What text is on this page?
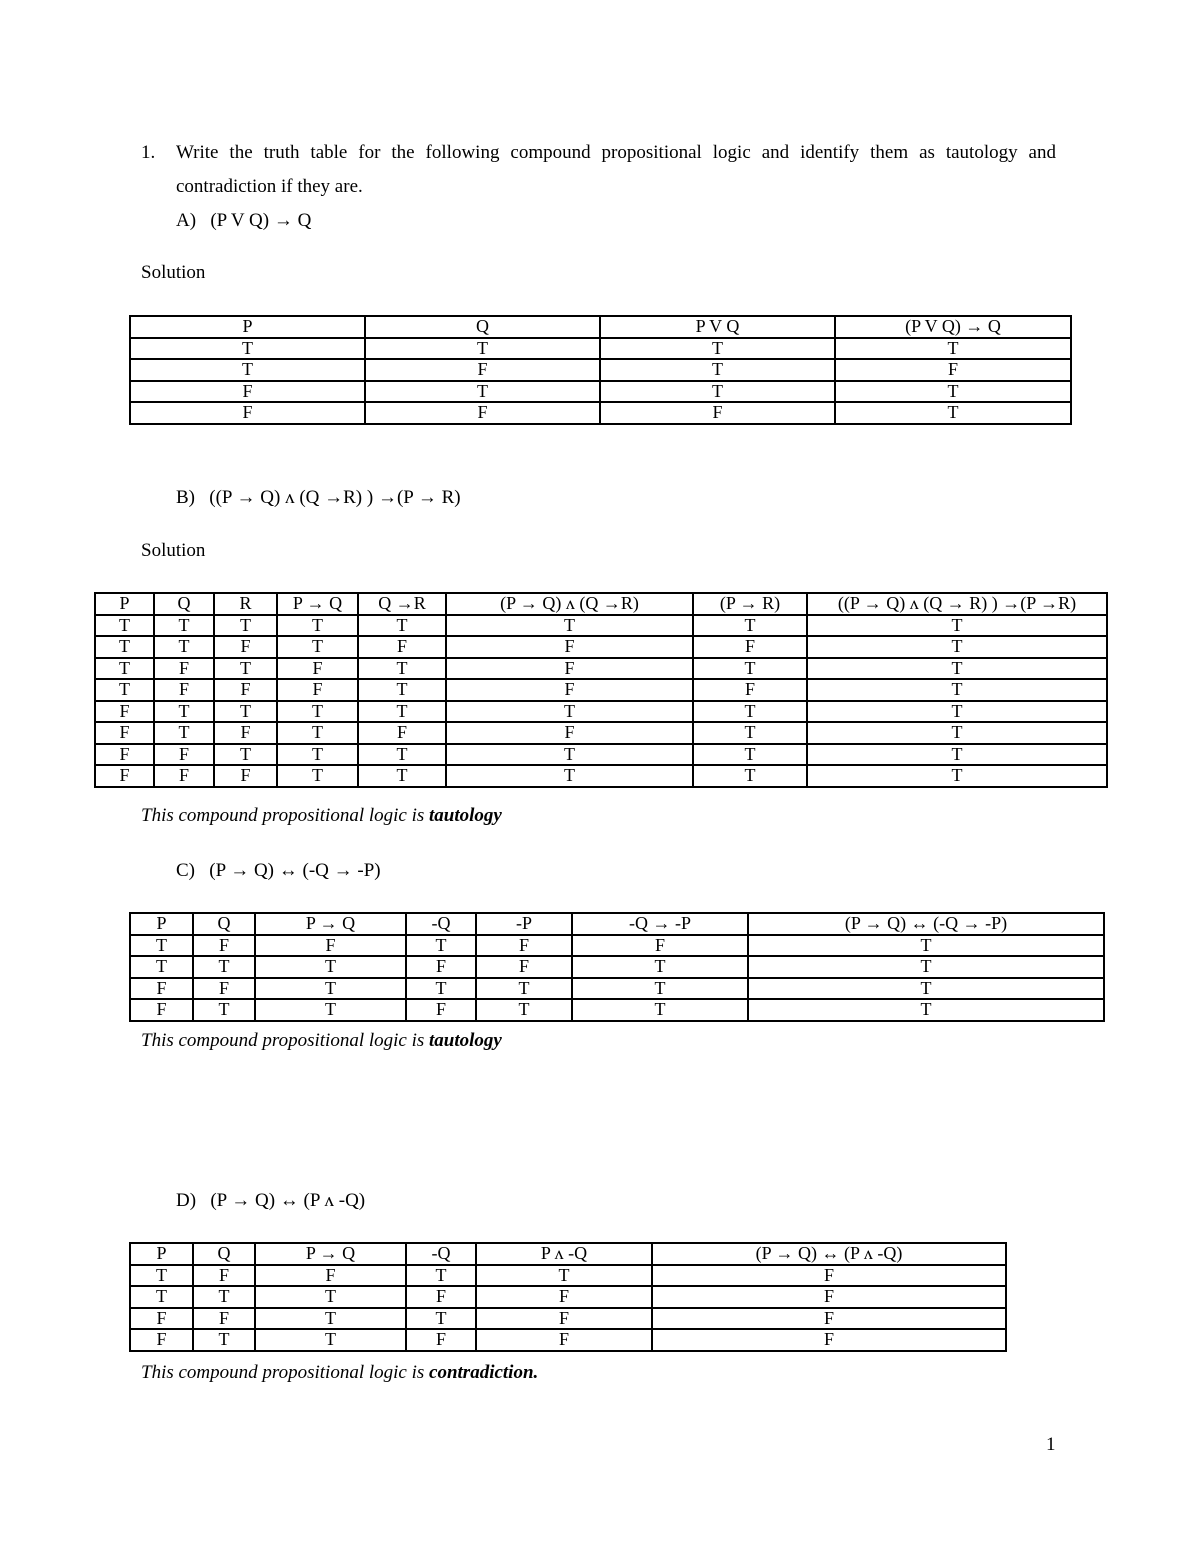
1. Write the truth table for the following compound propositional logic and identify them as tautology and
contradiction if they are.
A) (P V Q) → Q
Solution
P	Q	P V Q	(P V Q) → Q
T	T	T	T
T	F	T	F
F	T	T	T
F	F	F	T
B) ((P → Q) ʌ (Q →R) ) →(P → R)
Solution
P	Q	R	P → Q	Q →R	(P → Q) ʌ (Q →R)	(P → R)	((P → Q) ʌ (Q → R) ) →(P →R)
T	T	T	T	T	T	T	T
T	T	F	T	F	F	F	T
T	F	T	F	T	F	T	T
T	F	F	F	T	F	F	T
F	T	T	T	T	T	T	T
F	T	F	T	F	F	T	T
F	F	T	T	T	T	T	T
F	F	F	T	T	T	T	T
This compound propositional logic is tautology
C) (P → Q) ↔ (-Q → -P)
P	Q	P → Q	-Q	-P	-Q → -P	(P → Q) ↔ (-Q → -P)
T	F	F	T	F	F	T
T	T	T	F	F	T	T
F	F	T	T	T	T	T
F	T	T	F	T	T	T
This compound propositional logic is tautology
D) (P → Q) ↔ (P ʌ -Q)
P	Q	P → Q	-Q	P ʌ -Q	(P → Q) ↔ (P ʌ -Q)
T	F	F	T	T	F
T	T	T	F	F	F
F	F	T	T	F	F
F	T	T	F	F	F
This compound propositional logic is contradiction.
1
